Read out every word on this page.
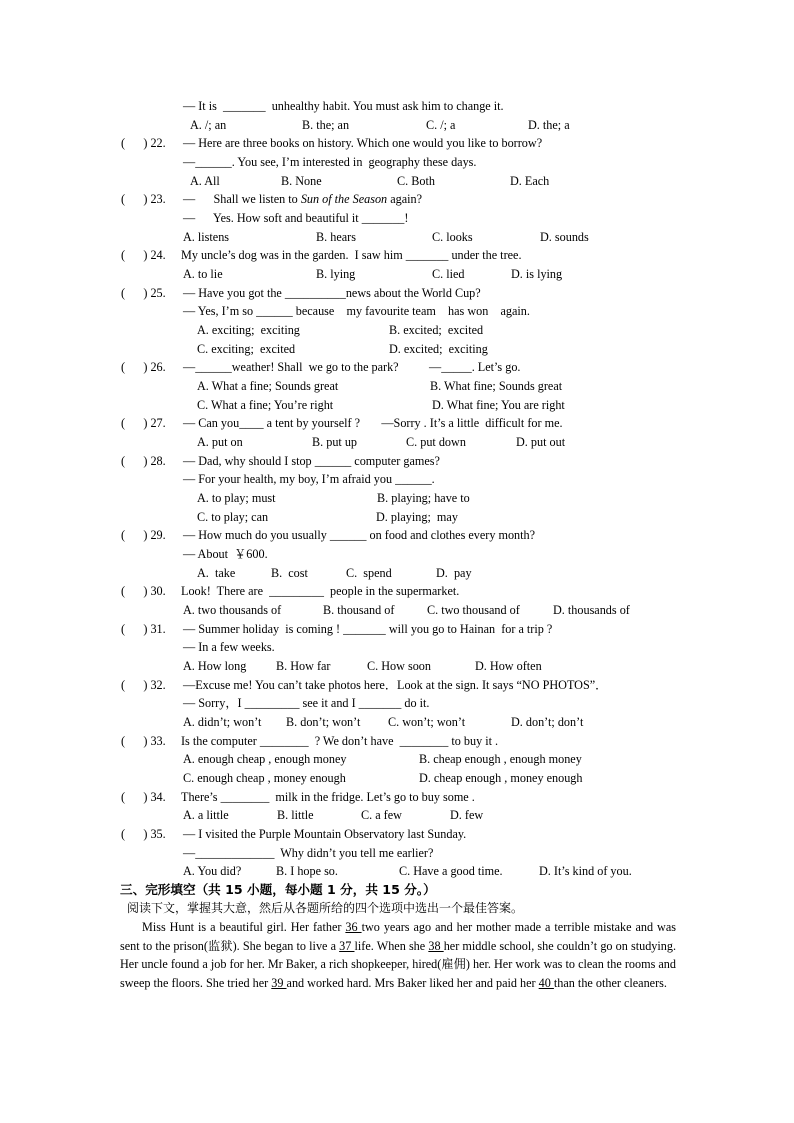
— It is  _______  unhealthy habit. You must ask him to change it.
A. /; an	B. the; an	C. /; a	D. the; a
(      ) 22. — Here are three books on history. Which one would you like to borrow?
—______. You see, I’m interested in  geography these days.
A. All	B. None	C. Both	D. Each
(      ) 23. —      Shall we listen to Sun of the Season again?
—      Yes. How soft and beautiful it _______!
A. listens	B. hears	C. looks	D. sounds
(      ) 24. My uncle’s dog was in the garden.  I saw him _______ under the tree.
A. to lie	B. lying	C. lied	D. is lying
(      ) 25. — Have you got the __________news about the World Cup?
— Yes, I’m so ______ because    my favourite team    has won    again.
A. exciting;  exciting	B. excited;  excited
C. exciting;  excited	D. excited;  exciting
(      ) 26. —______weather! Shall  we go to the park?          —_____. Let’s go.
A. What a fine; Sounds great	B. What fine; Sounds great
C. What a fine; You’re right	D. What fine; You are right
(      ) 27. — Can you____ a tent by yourself ?       —Sorry . It’s a little  difficult for me.
A. put on	B. put up	C. put down	D. put out
(      ) 28. — Dad, why should I stop ______ computer games?
— For your health, my boy, I’m afraid you ______.
A. to play; must	B. playing; have to
C. to play; can	D. playing;  may
(      ) 29. — How much do you usually ______ on food and clothes every month?
— About  ￥600.
A.  take	B.  cost	C.  spend	D.  pay
(      ) 30. Look!  There are  _________  people in the supermarket.
A. two thousands of	B. thousand of	C. two thousand of	D. thousands of
(      ) 31. — Summer holiday  is coming ! _______ will you go to Hainan  for a trip ?
— In a few weeks.
A. How long B. How far	C. How soon	D. How often
(      ) 32. —Excuse me! You can’t take photos here．Look at the sign. It says “NO PHOTOS”．
— Sorry，I _________ see it and I _______ do it.
A. didn’t; won’t B. don’t; won’t C. won’t; won’t	D. don’t; don’t
(      ) 33. Is the computer ________  ? We don’t have  ________ to buy it .
A. enough cheap , enough money	B. cheap enough , enough money
C. enough cheap , money enough	D. cheap enough , money enough
(      ) 34. There’s ________  milk in the fridge. Let’s go to buy some .
A. a little	B. little	C. a few	D. few
(      ) 35. — I visited the Purple Mountain Observatory last Sunday.
—_____________  Why didn’t you tell me earlier?
A. You did?	B. I hope so.	C. Have a good time.	D. It’s kind of you.
三、完形填空（共 15 小题，每小题 1 分，共 15 分。）
阅读下文，掌握其大意，然后从各题所给的四个选项中选出一个最佳答案。
Miss Hunt is a beautiful girl. Her father 36 two years ago and her mother made a terrible mistake and was sent to the prison(监狱). She began to live a 37 life. When she 38 her middle school, she couldn’t go on studying. Her uncle found a job for her. Mr Baker, a rich shopkeeper, hired(雇佣) her. Her work was to clean the rooms and sweep the floors. She tried her 39 and worked hard. Mrs Baker liked her and paid her 40 than the other cleaners.
